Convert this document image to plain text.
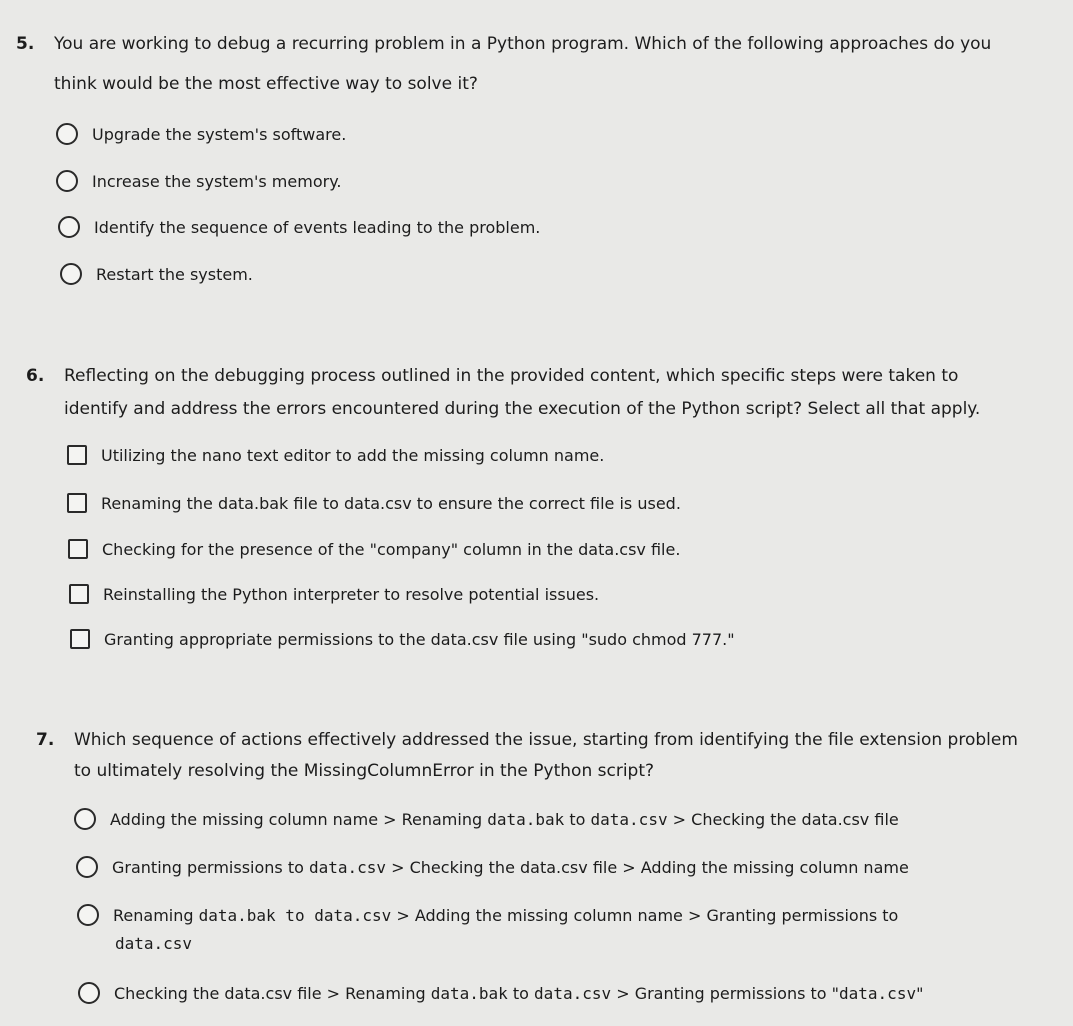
5. You are working to debug a recurring problem in a Python program. Which of the following approaches do you
think would be the most effective way to solve it?
Upgrade the system's software.
Increase the system's memory.
Identify the sequence of events leading to the problem.
Restart the system.
6. Reflecting on the debugging process outlined in the provided content, which specific steps were taken to
identify and address the errors encountered during the execution of the Python script? Select all that apply.
Utilizing the nano text editor to add the missing column name.
Renaming the data.bak file to data.csv to ensure the correct file is used.
Checking for the presence of the "company" column in the data.csv file.
Reinstalling the Python interpreter to resolve potential issues.
Granting appropriate permissions to the data.csv file using "sudo chmod 777."
7. Which sequence of actions effectively addressed the issue, starting from identifying the file extension problem
to ultimately resolving the MissingColumnError in the Python script?
Adding the missing column name > Renaming data.bak to data.csv > Checking the data.csv file
Granting permissions to data.csv > Checking the data.csv file > Adding the missing column name
Renaming data.bak to data.csv > Adding the missing column name > Granting permissions to
data.csv
Checking the data.csv file > Renaming data.bak to data.csv > Granting permissions to "data.csv"
